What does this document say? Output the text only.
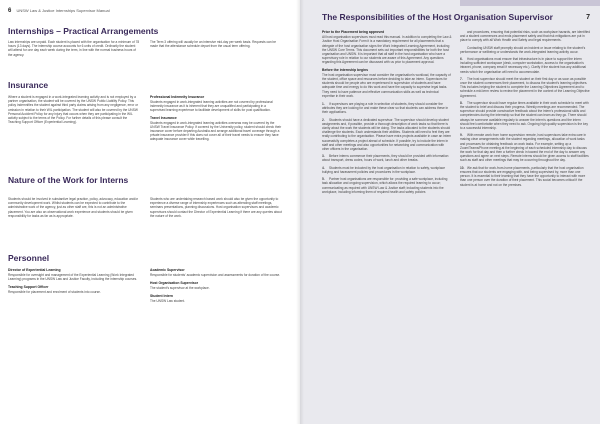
6 UNSW Law & Justice Internships Supervisor Manual
Internships – Practical Arrangements
Law internships are unpaid. Each student is placed with the organisation for a minimum of 78 hours (13 days). The internship course accounts for 6 units of credit. Ordinarily the student will attend for one day each week during the term, in line with the normal business hours of the agency.
The Term 3 offering will usually be an intensive mid-day per week basis. Requests can be made that the attendance schedule depart from the usual term offering.
Insurance
Where a student is engaged in a work-integrated learning activity and is not employed by a partner organisation, the student will be covered by the UNSW Public Liability Policy. This policy indemnifies the student against third party claims arising from any negligence, error or omission in relation to their WIL participation. The student will also be covered by the UNSW Personal Accident Policy for any injury that occurs when they are participating in the WIL activity subject to the terms of the Policy. For further details of this please consult the Teaching Support Officer (Experiential Learning).
Professional Indemnity Insurance
Students engaged in work-integrated learning activities are not covered by professional indemnity insurance as it is inherent that they are unqualified and participating in a supervised learning experience to facilitate development of skills for post qualification.
Travel Insurance
Students engaged in work-integrated learning activities overseas may be covered by the UNSW Travel Insurance Policy. If covered by the University policy, student should check their insurance cover before departing Australia and arrange additional travel coverage through a private insurance provider if this does not cover all of their travel needs to ensure they have adequate insurance cover while travelling.
Nature of the Work for Interns
Students should be involved in substantive legal practice, policy, advocacy, education and/or community development work. Whilst students can be expected to contribute to the administrative work of the agency, just as other staff are, this is not an administrative placement. You are also an observational work experience and students should be given responsibility for tasks as far as is appropriate.
Students who are undertaking research based work should also be given the opportunity to experience a diverse range of internship experiences such as attending staff meetings, seminars presentations, planning discussions. Host organisation supervisors and academic supervisors should contact the Director of Experiential Learning if there are any queries about the nature of the work.
Personnel
Director of Experiential Learning
Responsible for oversight and management of the Experiential Learning (Work Integrated Learning) programs in the UNSW Law and Justice Faculty, including the internship courses.
Teaching Support Officer
Responsible for placement and enrolment of students into course.
Academic Supervisor
Responsible for students' academic supervision and assessments for duration of the course.
Host Organisation Supervisor
The student's supervisor at the workplace.
Student Intern
The UNSW Law student.
7
The Responsibilities of the Host Organisation Supervisor
Prior to the Placement being approved
All host organisation supervisors must read this manual. In addition to completing the Law & Justice Host Organisation Form it is a mandatory requirement for all placements that a delegate of the host organisation signs the Work Integrated Learning Agreement, including the UNSW Core Terms. This document sets out important responsibilities for both the host organisation and UNSW. It is important that all staff in the host organisation who have a supervisory role in relation to our students are aware of this Agreement. Any questions regarding this Agreement can be discussed with us prior to placement approval.
Before the internship begins
The host organisation supervisor must consider the organisation's workload, the capacity of the student, office space and resources before deciding to take an intern. Supervisors for students should be people who are experienced in supervision of students and have adequate time and energy to do this work and have the capacity to supervise legal tasks. They need to have patience and effective communication skills as well as technical expertise in their work.
1. If supervisors are playing a role in selection of students, they should consider the attributes they are looking for and make these clear so that students can address these in their applications.
2. Students should have a dedicated supervisor. The supervisor should develop student assignments and, if possible, provide a thorough description of work tasks so that there is clarity about the work the students will be doing. The tasks allocated to the students should challenge the students. Each understands their abilities. Students will need to feel they are really contributing to the organisation. Please have extra projects available in case an intern successfully completes a project ahead of schedule. If possible, try to include the intern in staff and other meetings and also opportunities for networking and communication with other officers in the organisation.
3. Before interns commence their placements, they should be provided with information about transport, dress codes, hours of work, lunch and other breaks.
4. Students must be inducted by the host organisation in relation to safety, workplace bullying and harassment policies and procedures in the workplace.
5. Partner host organisations are responsible for: providing a safe workplace, including task allocation and ongoing supervision, which allows the required learning to occur; communicating as required with UNSW Law & Justice staff; inducting students into the workplace, including informing them of required health and safety policies
and procedures, ensuring that potential risks, such as workplace hazards, are identified and a student commences and ends placement safely and that risk mitigations are put in place to comply with all Work Health and Safety and legal requirements.
Contacting UNSW staff promptly should an incident or issue relating to the student's performance or wellbeing or understands the work-integrated learning activity occur.
6. Host organisations must ensure that infrastructure is in place to support the intern including sufficient workspace (desk, computer workstation, access to the organisation's intranet, phone, company email if necessary etc.). Clarify if the student has any additional needs which the organisation will need to accommodate.
7. The host supervisor should meet the student on their first day or as soon as possible once the student commences their placement, to discuss the student's learning objectives. This includes helping the student to complete the Learning Objectives Agreement and to schedule a mid-term review to review the placement in the context of the Learning Objective Agreement.
8. The supervisor should have regular times available in their work schedule to meet with the student to brief and discuss their progress. Weekly meetings are recommended. The supervisor should provide constructive feedback about the intern's professional skills and competencies during the internship so that the student can learn as they go. There should always be someone available regularly to answer the intern's questions and the intern should feel comfortable when they need to ask. Ongoing high quality supervision is the key to a successful internship.
9. With remote work from home supervision remote, host supervisors take extra care in making clear arrangements with the student regarding meetings, allocation of work tasks and processes for obtaining feedback on work tasks. For example, setting up a Zoom/Teams/Phone meeting at the beginning of each scheduled internship day to discuss the work for that day and then a further check in toward the end of the day to answer any questions and agree on next steps. Remote interns should be given access to staff facilities such as staff and other meetings that may be occurring throughout the day.
10. We ask that for work-from-home placements, particularly that the host organisation ensures that our students are engaging with, and being supervised by, more than one person. It is essential to their learning that they have the opportunity to interact with more than one person over the duration of their placement. This social becomes critical if the student is at home and not on the premises.
